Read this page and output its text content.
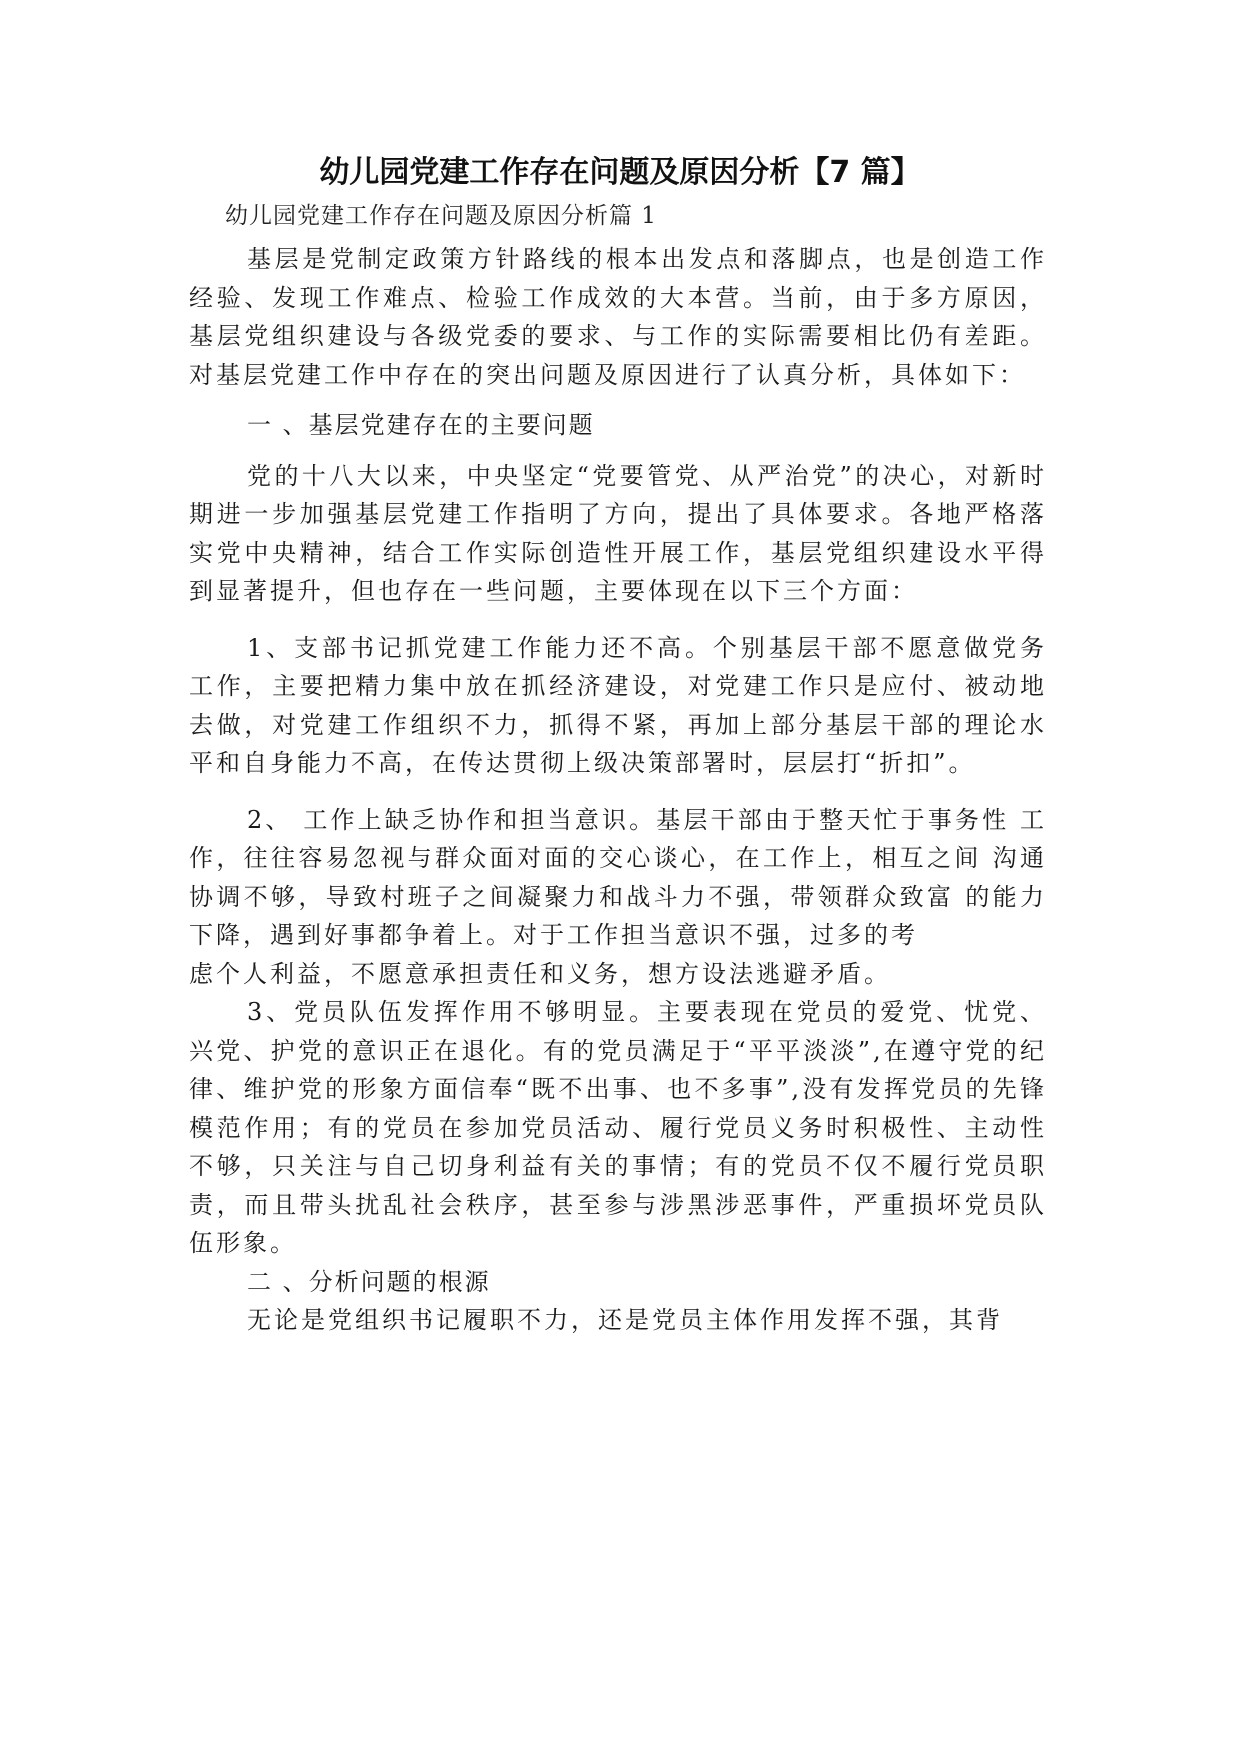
幼儿园党建工作存在问题及原因分析【7 篇】
幼儿园党建工作存在问题及原因分析篇 1

基层是党制定政策方针路线的根本出发点和落脚点，也是创造工作经验、发现工作难点、检验工作成效的大本营。当前，由于多方原因，基层党组织建设与各级党委的要求、与工作的实际需要相比仍有差距。对基层党建工作中存在的突出问题及原因进行了认真分析，具体如下：

一 、基层党建存在的主要问题

党的十八大以来，中央坚定“党要管党、从严治党”的决心，对新时期进一步加强基层党建工作指明了方向，提出了具体要求。各地严格落实党中央精神，结合工作实际创造性开展工作，基层党组织建设水平得到显著提升，但也存在一些问题，主要体现在以下三个方面：

1、支部书记抓党建工作能力还不高。个别基层干部不愿意做党务工作，主要把精力集中放在抓经济建设，对党建工作只是应付、被动地去做，对党建工作组织不力，抓得不紧，再加上部分基层干部的理论水平和自身能力不高，在传达贯彻上级决策部署时，层层打“折扣”。

2、 工作上缺乏协作和担当意识。基层干部由于整天忙于事务性 工作，往往容易忽视与群众面对面的交心谈心，在工作上，相互之间 沟通协调不够，导致村班子之间凝聚力和战斗力不强，带领群众致富 的能力下降，遇到好事都争着上。对于工作担当意识不强，过多的考

虑个人利益，不愿意承担责任和义务，想方设法逃避矛盾。

3、党员队伍发挥作用不够明显。主要表现在党员的爱党、忧党、兴党、护党的意识正在退化。有的党员满足于“平平淡淡”,在遵守党的纪律、维护党的形象方面信奉“既不出事、也不多事”,没有发挥党员的先锋模范作用；有的党员在参加党员活动、履行党员义务时积极性、主动性不够，只关注与自己切身利益有关的事情；有的党员不仅不履行党员职责，而且带头扰乱社会秩序，甚至参与涉黑涉恶事件，严重损坏党员队伍形象。

二 、分析问题的根源

无论是党组织书记履职不力，还是党员主体作用发挥不强，其背
